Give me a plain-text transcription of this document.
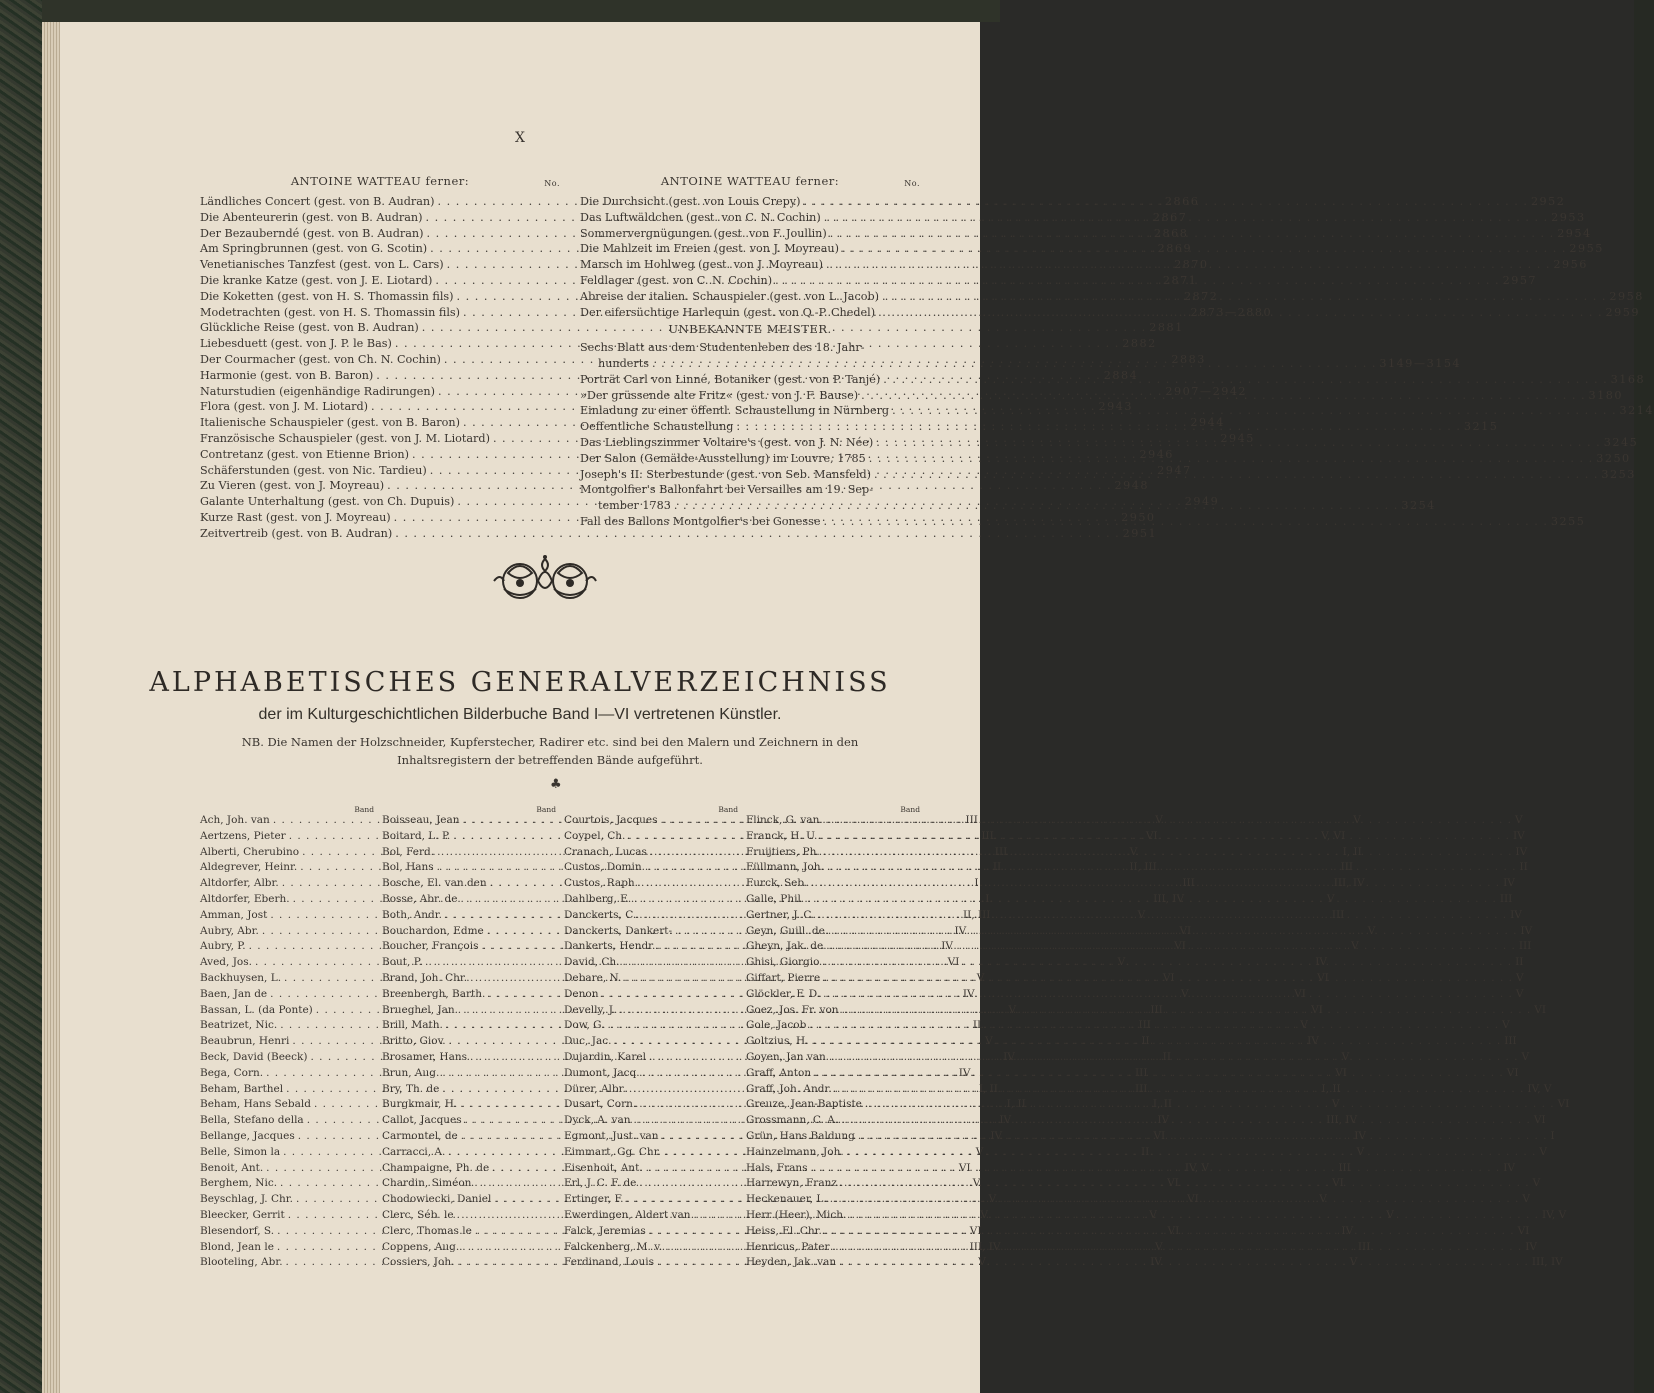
X
ANTOINE WATTEAU ferner:	No.
Ländliches Concert (gest. von B. Audran) . . .	2866
Die Abenteurerin (gest. von B. Audran) . . .	2867
Der Bezauberndé (gest. von B. Audran) . . .	2868
Am Springbrunnen (gest. von G. Scotin) . . .	2869
Venetianisches Tanzfest (gest. von L. Cars) . . .	2870
Die kranke Katze (gest. von J. E. Liotard) . . .	2871
Die Koketten (gest. von H. S. Thomassin fils) . . .	2872
Modetrachten (gest. von H. S. Thomassin fils) . . .	2873—2880
Glückliche Reise (gest. von B. Audran) . . .	2881
Liebesduett (gest. von J. P. le Bas) . . .	2882
Der Courmacher (gest. von Ch. N. Cochin) . . .	2883
Harmonie (gest. von B. Baron) . . .	2884
Naturstudien (eigenhändige Radirungen) . . .	2907—2942
Flora (gest. von J. M. Liotard) . . .	2943
Italienische Schauspieler (gest. von B. Baron) . . .	2944
Französische Schauspieler (gest. von J. M. Liotard) . . .	2945
Contretanz (gest. von Etienne Brion) . . .	2946
Schäferstunden (gest. von Nic. Tardieu) . . .	2947
Zu Vieren (gest. von J. Moyreau) . . .	2948
Galante Unterhaltung (gest. von Ch. Dupuis) . . .	2949
Kurze Rast (gest. von J. Moyreau) . . .	2950
Zeitvertreib (gest. von B. Audran) . . .	2951
ANTOINE WATTEAU ferner:	No.
Die Durchsicht (gest. von Louis Crepy) . . .	2952
Das Luftwäldchen (gest. von C. N. Cochin) . . .	2953
Sommervergnügungen (gest. von F. Joullin) . . .	2954
Die Mahlzeit im Freien (gest. von J. Moyreau) . . .	2955
Marsch im Hohlweg (gest. von J. Moyreau) . . .	2956
Feldlager (gest. von C. N. Cochin) . . .	2957
Abreise der italien. Schauspieler (gest. von L. Jacob) . . .	2958
Der eifersüchtige Harlequin (gest. von Q.-P. Chedel) . . .	2959
UNBEKANNTE MEISTER.
Sechs Blatt aus dem Studentenleben des 18. Jahr-
hunderts . . .	3149—3154
Porträt Carl von Linné, Botaniker (gest. von P. Tanjé) . . .	3168
»Der grüssende alte Fritz« (gest. von J. F. Bause) . . .	3180
Einladung zu einer öffentl. Schaustellung in Nürnberg . . .	3214
Oeffentliche Schaustellung . . .	3215
Das Lieblingszimmer Voltaire's (gest. von J. N. Née) . . .	3245
Der Salon (Gemälde-Ausstellung) im Louvre, 1785 . . .	3250
Joseph's II. Sterbestunde (gest. von Seb. Mansfeld) . . .	3253
Montgolfier's Ballonfahrt bei Versailles am 19. Sep-
tember 1783 . . .	3254
Fall des Ballons Montgolfier's bei Gonesse . . .	3255
ALPHABETISCHES GENERALVERZEICHNISS
der im Kulturgeschichtlichen Bilderbuche Band I—VI vertretenen Künstler.
NB. Die Namen der Holzschneider, Kupferstecher, Radirer etc. sind bei den Malern und Zeichnern in den Inhaltsregistern der betreffenden Bände aufgeführt.
♣
Band
Ach, Joh. van . . .	III
Aertzens, Pieter . . .	III
Alberti, Cherubino . . .	III
Aldegrever, Heinr. . . .	II
Altdorfer, Albr. . . .	I
Altdorfer, Eberh. . . .	I
Amman, Jost . . .	II, III
Aubry, Abr. . . .	IV
Aubry, P. . . .	IV
Aved, Jos. . . .	VI
Backhuysen, L. . . .	V
Baen, Jan de . . .	IV
Bassan, L. (da Ponte) . . .	V
Beatrizet, Nic. . . .	II
Beaubrun, Henri . . .	V
Beck, David (Beeck) . . .	IV
Bega, Corn. . . .	IV
Beham, Barthel . . .	I, II
Beham, Hans Sebald . . .	I, II
Bella, Stefano della . . .	IV
Bellange, Jacques . . .	IV
Belle, Simon la . . .	V
Benoit, Ant. . . .	VI
Berghem, Nic. . . .	V
Beyschlag, J. Chr. . . .	V
Bleecker, Gerrit . . .	V
Blesendorf, S. . . .	VI
Blond, Jean le . . .	III, IV
Blooteling, Abr. . . .	V
Band
Boisseau, Jean . . .	V
Boitard, L. P. . . .	VI
Bol, Ferd. . . .	V
Bol, Hans . . .	II, III
Bosche, El. van den . . .	III
Bosse, Abr. de . . .	III, IV
Both, Andr. . . .	V
Bouchardon, Edme . . .	VI
Boucher, François . . .	VI
Bout, P. . . .	V
Brand, Joh. Chr. . . .	VI
Breenbergh, Barth. . . .	V
Brueghel, Jan . . .	III
Brill, Math. . . .	III
Britto, Giov. . . .	II
Brosamer, Hans . . .	II
Brun, Aug. . . .	III
Bry, Th. de . . .	III
Burgkmair, H. . . .	I, II
Callot, Jacques . . .	IV
Carmontel, de . . .	VI
Carracci, A. . . .	II
Champaigne, Ph. de . . .	IV, V
Chardin, Siméon . . .	VI
Chodowiecki, Daniel . . .	VI
Clerc, Séb. le . . .	V
Clerc, Thomas le . . .	VI
Coppens, Aug. . . .	V
Cossiers, Joh. . . .	IV
Band
Courtois, Jacques . . .	V
Coypel, Ch. . . .	V, VI
Cranach, Lucas . . .	I, II
Custos, Domin. . . .	III
Custos, Raph. . . .	III, IV
Dahlberg, E. . . .	V
Danckerts, C. . . .	III
Danckerts, Dankert- . . .	V
Dankerts, Hendr. . . .	V
David, Ch. . . .	IV
Debare, N. . . .	VI
Denon . . .	VI
Develly, J. . . .	VI
Dow, G. . . .	V
Duc, Jac. . . .	IV
Dujardin, Karel . . .	V
Dumont, Jacq. . . .	VI
Dürer, Albr. . . .	I, II
Dusart, Corn. . . .	V
Dyck, A. van . . .	III, IV
Egmont, Just. van . . .	IV
Eimmart, Gg. Chr. . . .	V
Eisenhoit, Ant. . . .	III
Erl, J. C. F. de . . .	VI
Ertinger, F. . . .	V
Ewerdingen, Aldert van . . .	V
Falck, Jeremias . . .	IV
Falckenberg, M. v. . . .	III
Ferdinand, Louis . . .	V
Band
Flinck, G. van . . .	V
Franck, H. U. . . .	IV
Fruijtiers, Ph. . . .	IV
Füllmann, Joh. . . .	II
Furck, Seb. . . .	IV
Galle, Phil. . . .	III
Gertner, J. C. . . .	IV
Geyn, Guill. de . . .	IV
Gheyn, Jak. de . . .	III
Ghisi, Giorgio . . .	II
Giffart, Pierre . . .	V
Glöckler, F. D. . . .	V
Goez, Jos. Fr. von . . .	VI
Gole, Jacob . . .	V
Goltzius, H. . . .	III
Goyen, Jan van . . .	V
Graff, Anton . . .	VI
Graff, Joh. Andr. . . .	IV, V
Greuze, Jean-Baptiste . . .	VI
Grossmann, C. A. . . .	VI
Grün, Hans Baldung . . .	I
Hainzelmann, Joh. . . .	V
Hals, Frans . . .	IV
Harrewyn, Franz . . .	V
Heckenauer, L. . . .	V
Herr (Heer), Mich. . . .	IV, V
Heiss, El. Chr. . . .	VI
Henricus, Pater . . .	IV
Heyden, Jak. van . . .	III, IV
